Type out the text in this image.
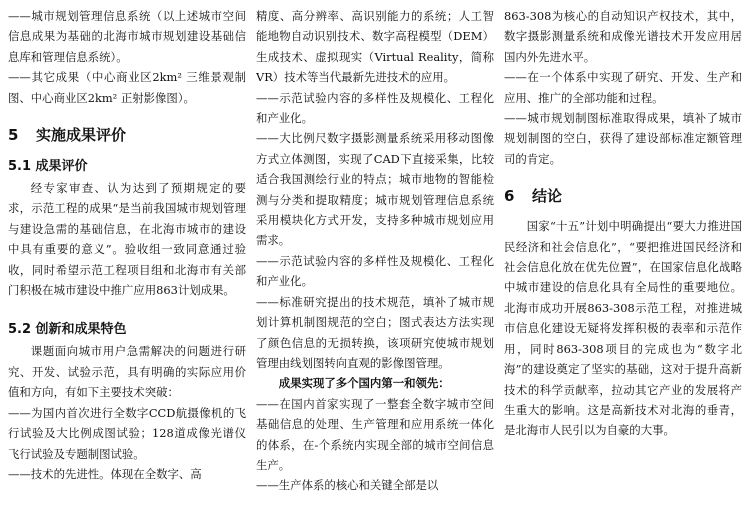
——城市规划管理信息系统（以上述城市空间信息成果为基础的北海市城市规划建设基础信息库和管理信息系统）。

——其它成果（中心商业区2km² 三维景观制图、中心商业区2km² 正射影像图）。

5 实施成果评价
5.1 成果评价

经专家审查、认为达到了预期规定的要求，示范工程的成果“是当前我国城市规划管理与建设急需的基础信息，在北海市城市的建设中具有重要的意义”。验收组一致同意通过验收，同时希望示范工程项目组和北海市有关部门积极在城市建设中推广应用863计划成果。

5.2 创新和成果特色

课题面向城市用户急需解决的问题进行研究、开发、试验示范，具有明确的实际应用价值和方向，有如下主要技术突破：

——为国内首次进行全数字CCD航摄像机的飞行试验及大比例成图试验；128道成像光谱仪飞行试验及专题制图试验。

——技术的先进性。体现在全数字、高

精度、高分辨率、高识别能力的系统；人工智能地物自动识别技术、数字高程模型（DEM）生成技术、虚拟现实（Virtual Reality，简称VR）技术等当代最新先进技术的应用。

——示范试验内容的多样性及规模化、工程化和产业化。

——大比例尺数字摄影测量系统采用移动图像方式立体测图，实现了CAD下直接采集，比较适合我国测绘行业的特点；城市地物的智能检测与分类和提取精度；城市规划管理信息系统采用模块化方式开发，支持多种城市规划应用需求。

——示范试验内容的多样性及规模化、工程化和产业化。

——标准研究提出的技术规范，填补了城市规划计算机制图规范的空白；图式表达方法实现了颜色信息的无损转换，该项研究使城市规划管理由线划图转向直观的影像图管理。

成果实现了多个国内第一和领先：

——在国内首家实现了一整套全数字城市空间基础信息的处理、生产管理和应用系统一体化的体系，在-个系统内实现全部的城市空间信息生产。

——生产体系的核心和关键全部是以

863-308为核心的自动知识产权技术，其中，数字摄影测量系统和成像光谱技术开发应用居国内外先进水平。

——在一个体系中实现了研究、开发、生产和应用、推广的全部功能和过程。

——城市规划制图标准取得成果，填补了城市规划制图的空白，获得了建设部标准定额管理司的肯定。

6 结论

国家“十五”计划中明确提出“要大力推进国民经济和社会信息化”，“要把推进国民经济和社会信息化放在优先位置”，在国家信息化战略中城市建设的信息化具有全局性的重要地位。北海市成功开展863-308示范工程，对推进城市信息化建设无疑将发挥积极的表率和示范作用，同时863-308项目的完成也为“数字北海”的建设奠定了坚实的基础，这对于提升高新技术的科学贡献率，拉动其它产业的发展将产生重大的影响。这是高新技术对北海的垂青，是北海市人民引以为自豪的大事。
